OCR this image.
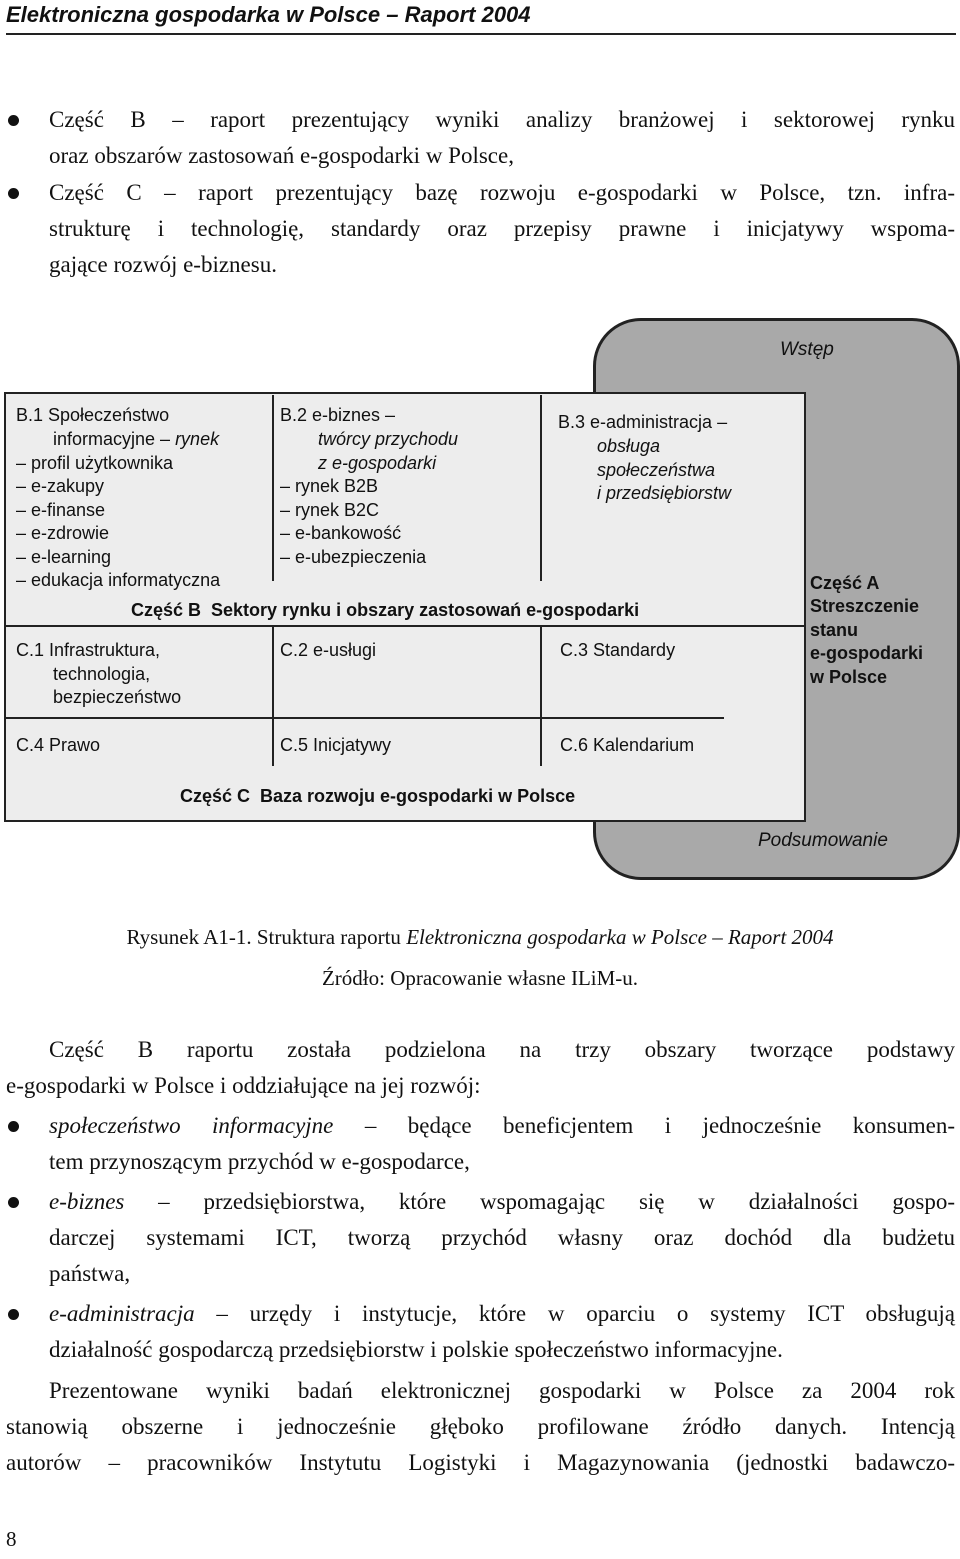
Elektroniczna gospodarka w Polsce – Raport 2004
Część B – raport prezentujący wyniki analizy branżowej i sektorowej rynku
oraz obszarów zastosowań e-gospodarki w Polsce,
Część C – raport prezentujący bazę rozwoju e-gospodarki w Polsce, tzn. infra-
strukturę i technologię, standardy oraz przepisy prawne i inicjatywy wspoma-
gające rozwój e-biznesu.
Wstęp
Podsumowanie
B.1 Społeczeństwo
informacyjne – rynek
– profil użytkownika
– e-zakupy
– e-finanse
– e-zdrowie
– e-learning
– edukacja informatyczna
B.2 e-biznes –
twórcy przychodu
z e-gospodarki
– rynek B2B
– rynek B2C
– e-bankowość
– e-ubezpieczenia
B.3 e-administracja –
obsługa
społeczeństwa
i przedsiębiorstw
Część B  Sektory rynku i obszary zastosowań e-gospodarki
C.1 Infrastruktura,
technologia,
bezpieczeństwo
C.2 e-usługi	C.3 Standardy
C.4 Prawo	C.5 Inicjatywy	C.6 Kalendarium
Część C  Baza rozwoju e-gospodarki w Polsce
Część A
Streszczenie
stanu
e-gospodarki
w Polsce
Rysunek A1-1. Struktura raportu Elektroniczna gospodarka w Polsce – Raport 2004
Źródło: Opracowanie własne ILiM-u.
Część B raportu została podzielona na trzy obszary tworzące podstawy
e-gospodarki w Polsce i oddziałujące na jej rozwój:
społeczeństwo informacyjne – będące beneficjentem i jednocześnie konsumen-
tem przynoszącym przychód w e-gospodarce,
e-biznes – przedsiębiorstwa, które wspomagając się w działalności gospo-
darczej systemami ICT, tworzą przychód własny oraz dochód dla budżetu
państwa,
e-administracja – urzędy i instytucje, które w oparciu o systemy ICT obsługują
działalność gospodarczą przedsiębiorstw i polskie społeczeństwo informacyjne.
Prezentowane wyniki badań elektronicznej gospodarki w Polsce za 2004 rok
stanowią obszerne i jednocześnie głęboko profilowane źródło danych. Intencją
autorów – pracowników Instytutu Logistyki i Magazynowania (jednostki badawczo-
8
